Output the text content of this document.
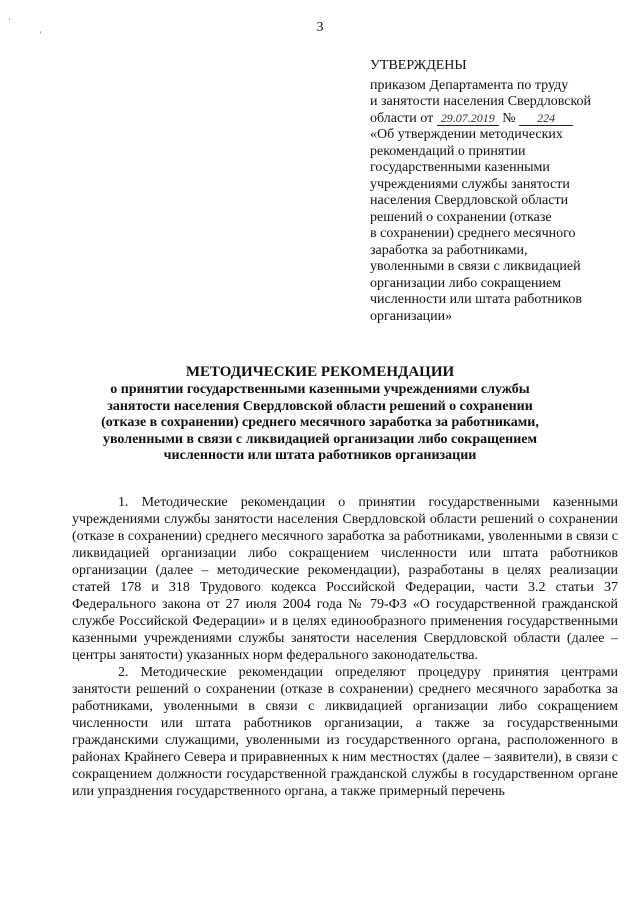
·
'	3
УТВЕРЖДЕНЫ
приказом Департамента по труду
и занятости населения Свердловской
области от 29.07.2019 № 224
«Об утверждении методических
рекомендаций о принятии
государственными казенными
учреждениями службы занятости
населения Свердловской области
решений о сохранении (отказе
в сохранении) среднего месячного
заработка за работниками,
уволенными в связи с ликвидацией
организации либо сокращением
численности или штата работников
организации»
МЕТОДИЧЕСКИЕ РЕКОМЕНДАЦИИ
о принятии государственными казенными учреждениями службы
занятости населения Свердловской области решений о сохранении
(отказе в сохранении) среднего месячного заработка за работниками,
уволенными в связи с ликвидацией организации либо сокращением
численности или штата работников организации

1. Методические рекомендации о принятии государственными казенными учреждениями службы занятости населения Свердловской области решений о сохранении (отказе в сохранении) среднего месячного заработка за работниками, уволенными в связи с ликвидацией организации либо сокращением численности или штата работников организации (далее – методические рекомендации), разработаны в целях реализации статей 178 и 318 Трудового кодекса Российской Федерации, части 3.2 статьи 37 Федерального закона от 27 июля 2004 года № 79-ФЗ «О государственной гражданской службе Российской Федерации» и в целях единообразного применения государственными казенными учреждениями службы занятости населения Свердловской области (далее – центры занятости) указанных норм федерального законодательства.

2. Методические рекомендации определяют процедуру принятия центрами занятости решений о сохранении (отказе в сохранении) среднего месячного заработка за работниками, уволенными в связи с ликвидацией организации либо сокращением численности или штата работников организации, а также за государственными гражданскими служащими, уволенными из государственного органа, расположенного в районах Крайнего Севера и приравненных к ним местностях (далее – заявители), в связи с сокращением должности государственной гражданской службы в государственном органе или упразднения государственного органа, а также примерный перечень
